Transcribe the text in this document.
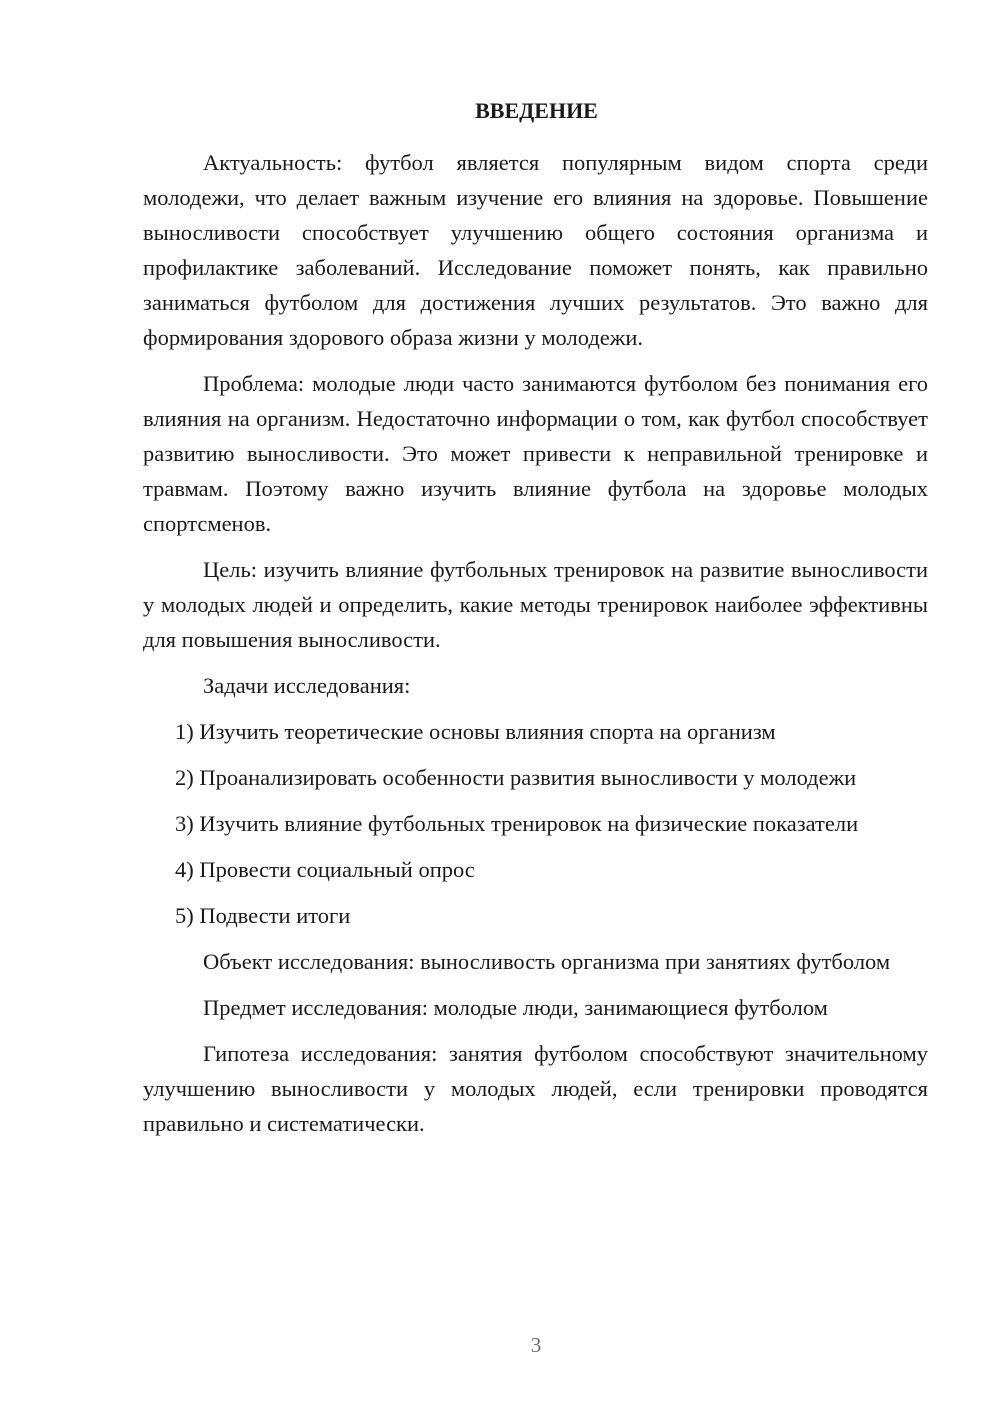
ВВЕДЕНИЕ
Актуальность: футбол является популярным видом спорта среди молодежи, что делает важным изучение его влияния на здоровье. Повышение выносливости способствует улучшению общего состояния организма и профилактике заболеваний. Исследование поможет понять, как правильно заниматься футболом для достижения лучших результатов. Это важно для формирования здорового образа жизни у молодежи.
Проблема: молодые люди часто занимаются футболом без понимания его влияния на организм. Недостаточно информации о том, как футбол способствует развитию выносливости. Это может привести к неправильной тренировке и травмам. Поэтому важно изучить влияние футбола на здоровье молодых спортсменов.
Цель: изучить влияние футбольных тренировок на развитие выносливости у молодых людей и определить, какие методы тренировок наиболее эффективны для повышения выносливости.
Задачи исследования:
1) Изучить теоретические основы влияния спорта на организм
2) Проанализировать особенности развития выносливости у молодежи
3) Изучить влияние футбольных тренировок на физические показатели
4) Провести социальный опрос
5) Подвести итоги
Объект исследования: выносливость организма при занятиях футболом
Предмет исследования: молодые люди, занимающиеся футболом
Гипотеза исследования: занятия футболом способствуют значительному улучшению выносливости у молодых людей, если тренировки проводятся правильно и систематически.
3
